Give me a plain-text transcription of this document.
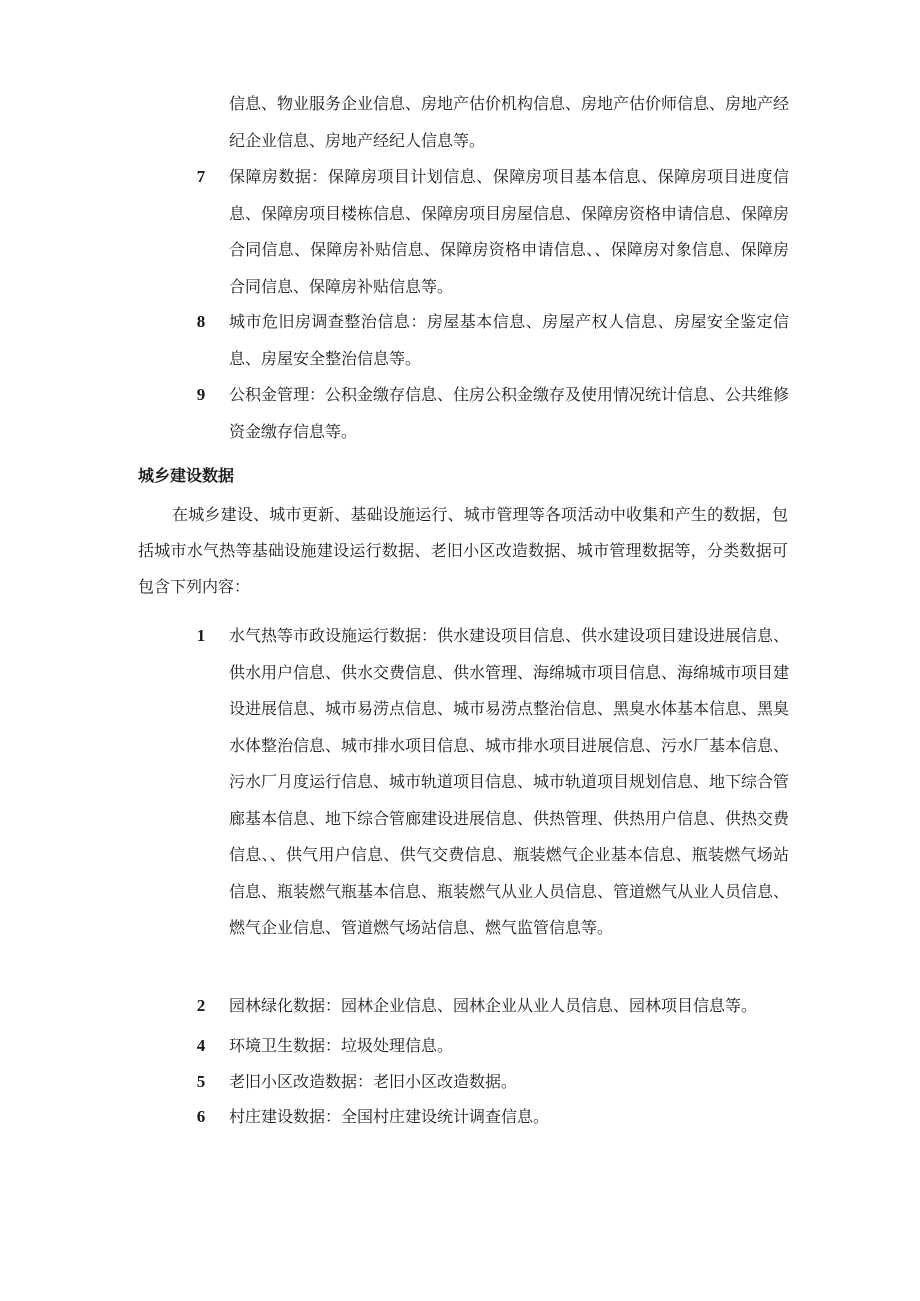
信息、物业服务企业信息、房地产估价机构信息、房地产估价师信息、房地产经纪企业信息、房地产经纪人信息等。
7	保障房数据：保障房项目计划信息、保障房项目基本信息、保障房项目进度信息、保障房项目楼栋信息、保障房项目房屋信息、保障房资格申请信息、保障房合同信息、保障房补贴信息、保障房资格申请信息、、保障房对象信息、保障房合同信息、保障房补贴信息等。
8	城市危旧房调查整治信息：房屋基本信息、房屋产权人信息、房屋安全鉴定信息、房屋安全整治信息等。
9	公积金管理：公积金缴存信息、住房公积金缴存及使用情况统计信息、公共维修资金缴存信息等。
城乡建设数据
在城乡建设、城市更新、基础设施运行、城市管理等各项活动中收集和产生的数据，包括城市水气热等基础设施建设运行数据、老旧小区改造数据、城市管理数据等，分类数据可包含下列内容：
1	水气热等市政设施运行数据：供水建设项目信息、供水建设项目建设进展信息、供水用户信息、供水交费信息、供水管理、海绵城市项目信息、海绵城市项目建设进展信息、城市易涝点信息、城市易涝点整治信息、黑臭水体基本信息、黑臭水体整治信息、城市排水项目信息、城市排水项目进展信息、污水厂基本信息、污水厂月度运行信息、城市轨道项目信息、城市轨道项目规划信息、地下综合管廊基本信息、地下综合管廊建设进展信息、供热管理、供热用户信息、供热交费信息、、供气用户信息、供气交费信息、瓶装燃气企业基本信息、瓶装燃气场站信息、瓶装燃气瓶基本信息、瓶装燃气从业人员信息、管道燃气从业人员信息、燃气企业信息、管道燃气场站信息、燃气监管信息等。
2	园林绿化数据：园林企业信息、园林企业从业人员信息、园林项目信息等。
4	环境卫生数据：垃圾处理信息。
5	老旧小区改造数据：老旧小区改造数据。
6	村庄建设数据：全国村庄建设统计调查信息。
